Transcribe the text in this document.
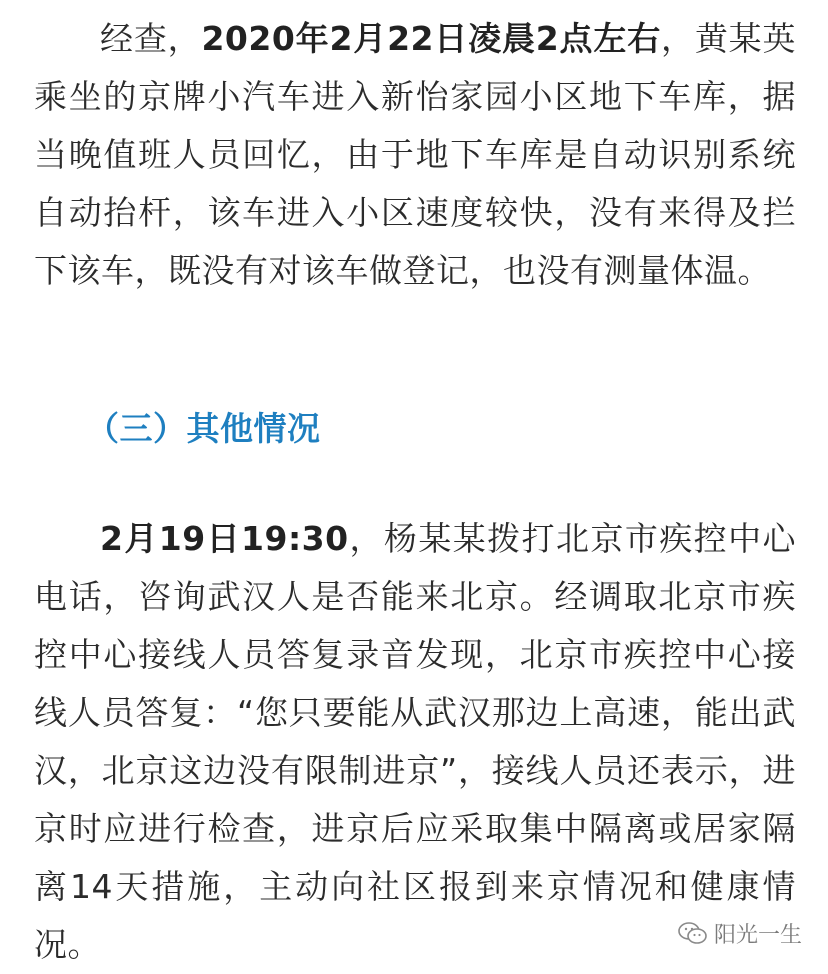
经查，2020年2月22日凌晨2点左右，黄某英乘坐的京牌小汽车进入新怡家园小区地下车库，据当晚值班人员回忆，由于地下车库是自动识别系统自动抬杆，该车进入小区速度较快，没有来得及拦下该车，既没有对该车做登记，也没有测量体温。

（三）其他情况

2月19日19:30，杨某某拨打北京市疾控中心电话，咨询武汉人是否能来北京。经调取北京市疾控中心接线人员答复录音发现，北京市疾控中心接线人员答复：“您只要能从武汉那边上高速，能出武汉，北京这边没有限制进京”，接线人员还表示，进京时应进行检查，进京后应采取集中隔离或居家隔离14天措施，主动向社区报到来京情况和健康情况。	阳光一生
